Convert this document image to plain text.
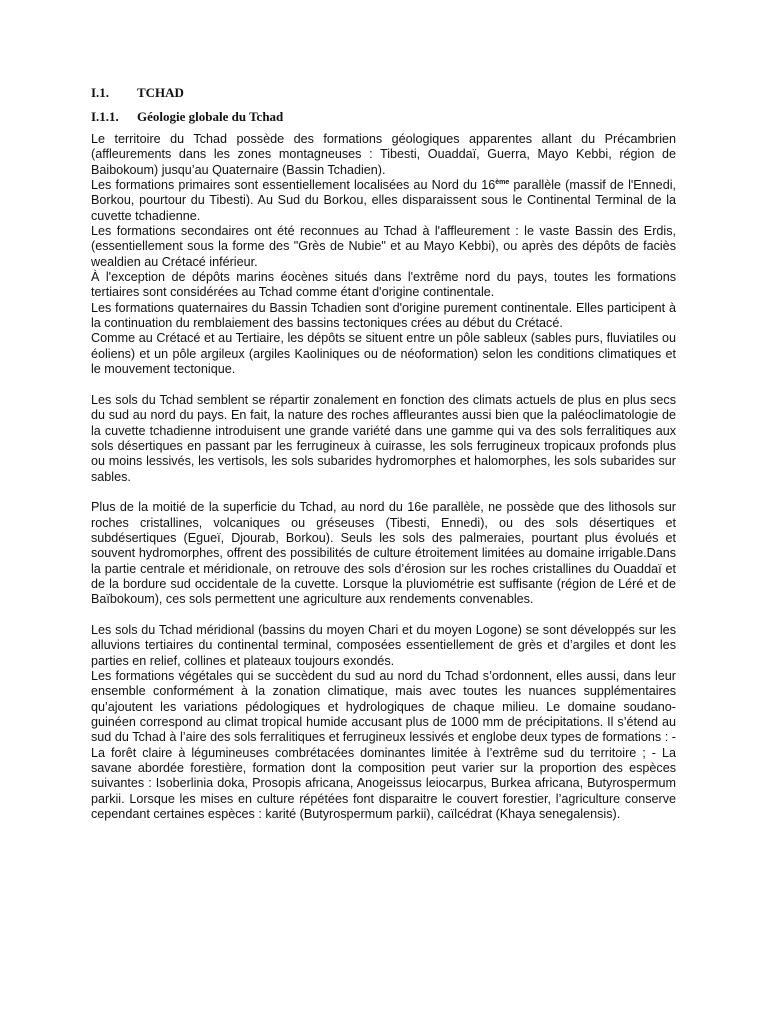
I.1. TCHAD
I.1.1. Géologie globale du Tchad

Le territoire du Tchad possède des formations géologiques apparentes allant du Précambrien (affleurements dans les zones montagneuses : Tibesti, Ouaddaï, Guerra, Mayo Kebbi, région de Baibokoum) jusqu’au Quaternaire (Bassin Tchadien).

Les formations primaires sont essentiellement localisées au Nord du 16ème parallèle (massif de l'Ennedi, Borkou, pourtour du Tibesti). Au Sud du Borkou, elles disparaissent sous le Continental Terminal de la cuvette tchadienne.

Les formations secondaires ont été reconnues au Tchad à l'affleurement : le vaste Bassin des Erdis, (essentiellement sous la forme des "Grès de Nubie" et au Mayo Kebbi), ou après des dépôts de faciès wealdien au Crétacé inférieur.

À l'exception de dépôts marins éocènes situés dans l'extrême nord du pays, toutes les formations tertiaires sont considérées au Tchad comme étant d'origine continentale.

Les formations quaternaires du Bassin Tchadien sont d'origine purement continentale. Elles participent à la continuation du remblaiement des bassins tectoniques crées au début du Crétacé.

Comme au Crétacé et au Tertiaire, les dépôts se situent entre un pôle sableux (sables purs, fluviatiles ou éoliens) et un pôle argileux (argiles Kaoliniques ou de néoformation) selon les conditions climatiques et le mouvement tectonique.

Les sols du Tchad semblent se répartir zonalement en fonction des climats actuels de plus en plus secs du sud au nord du pays. En fait, la nature des roches affleurantes aussi bien que la paléoclimatologie de la cuvette tchadienne introduisent une grande variété dans une gamme qui va des sols ferralitiques aux sols désertiques en passant par les ferrugineux à cuirasse, les sols ferrugineux tropicaux profonds plus ou moins lessivés, les vertisols, les sols subarides hydromorphes et halomorphes, les sols subarides sur sables.

Plus de la moitié de la superficie du Tchad, au nord du 16e parallèle, ne possède que des lithosols sur roches cristallines, volcaniques ou gréseuses (Tibesti, Ennedi), ou des sols désertiques et subdésertiques (Egueï, Djourab, Borkou). Seuls les sols des palmeraies, pourtant plus évolués et souvent hydromorphes, offrent des possibilités de culture étroitement limitées au domaine irrigable.Dans la partie centrale et méridionale, on retrouve des sols d’érosion sur les roches cristallines du Ouaddaï et de la bordure sud occidentale de la cuvette. Lorsque la pluviométrie est suffisante (région de Léré et de Baïbokoum), ces sols permettent une agriculture aux rendements convenables.

Les sols du Tchad méridional (bassins du moyen Chari et du moyen Logone) se sont développés sur les alluvions tertiaires du continental terminal, composées essentiellement de grès et d’argiles et dont les parties en relief, collines et plateaux toujours exondés.

Les formations végétales qui se succèdent du sud au nord du Tchad s’ordonnent, elles aussi, dans leur ensemble conformément à la zonation climatique, mais avec toutes les nuances supplémentaires qu’ajoutent les variations pédologiques et hydrologiques de chaque milieu. Le domaine soudano-guinéen correspond au climat tropical humide accusant plus de 1000 mm de précipitations. Il s’étend au sud du Tchad à l’aire des sols ferralitiques et ferrugineux lessivés et englobe deux types de formations : - La forêt claire à légumineuses combrétacées dominantes limitée à l’extrême sud du territoire ; - La savane abordée forestière, formation dont la composition peut varier sur la proportion des espèces suivantes : Isoberlinia doka, Prosopis africana, Anogeissus leiocarpus, Burkea africana, Butyrospermum parkii. Lorsque les mises en culture répétées font disparaitre le couvert forestier, l’agriculture conserve cependant certaines espèces : karité (Butyrospermum parkii), caïlcédrat (Khaya senegalensis).
